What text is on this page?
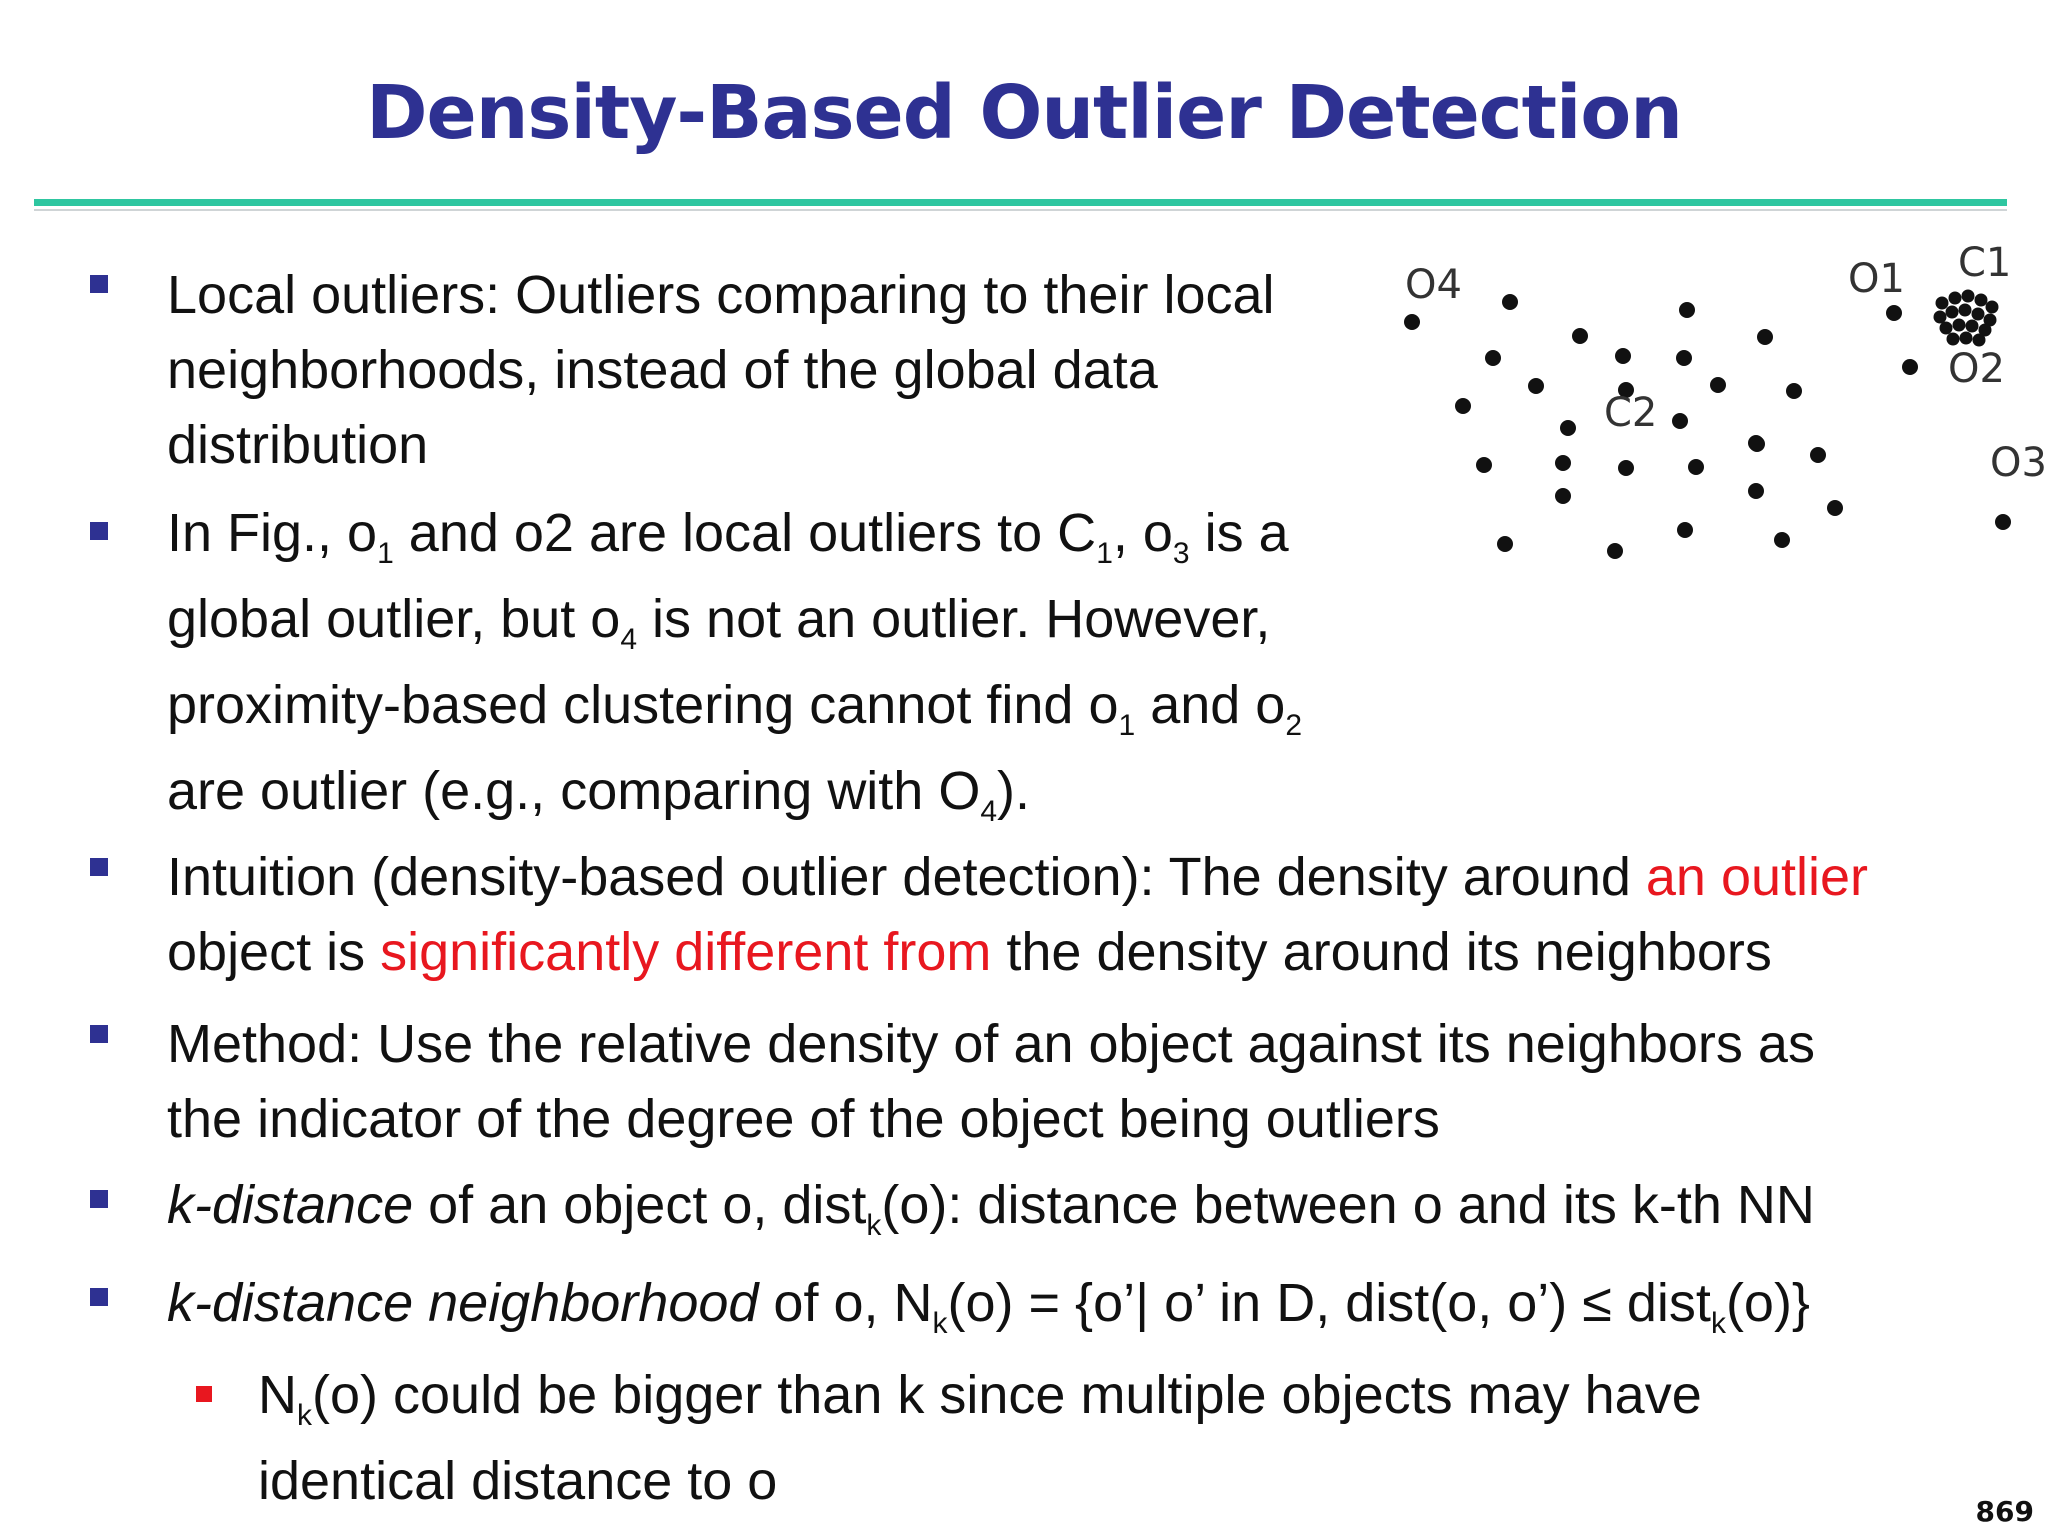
Density-Based Outlier Detection
Local outliers: Outliers comparing to their local
neighborhoods, instead of the global data
distribution
In Fig., $o_1$ and o2 are local outliers to $C_1$, $o_3$ is a
global outlier, but $o_4$ is not an outlier. However,
proximity-based clustering cannot find $o_1$ and $o_2$
are outlier (e.g., comparing with $O_4$).
Intuition (density-based outlier detection): The density around an outlier
object is significantly different from the density around its neighbors
Method: Use the relative density of an object against its neighbors as
the indicator of the degree of the object being outliers
k-distance of an object o, dist$_k$(o): distance between o and its k-th NN
k-distance neighborhood of o, $N_k(o)$ = {o’| o’ in D, dist(o, o’) ≤ dist$_k$(o)}
$N_k(o)$ could be bigger than k since multiple objects may have
identical distance to o
O4	O1 C1
O2
C2
O3
869
